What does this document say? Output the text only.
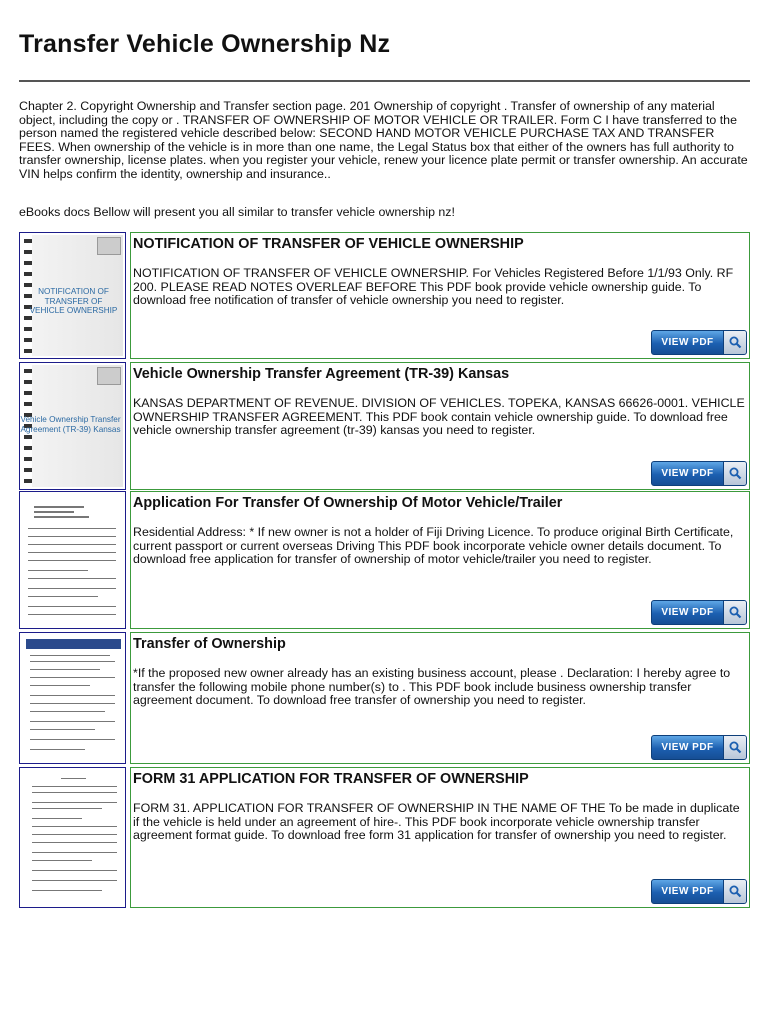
Transfer Vehicle Ownership Nz
Chapter 2. Copyright Ownership and Transfer section page. 201 Ownership of copyright . Transfer of ownership of any material object, including the copy or . TRANSFER OF OWNERSHIP OF MOTOR VEHICLE OR TRAILER. Form C I have transferred to the person named the registered vehicle described below: SECOND HAND MOTOR VEHICLE PURCHASE TAX AND TRANSFER FEES. When ownership of the vehicle is in more than one name, the Legal Status box that either of the owners has full authority to transfer ownership, license plates. when you register your vehicle, renew your licence plate permit or transfer ownership. An accurate VIN helps confirm the identity, ownership and insurance..
eBooks docs Bellow will present you all similar to transfer vehicle ownership nz!
NOTIFICATION OF TRANSFER OF VEHICLE OWNERSHIP
NOTIFICATION OF TRANSFER OF VEHICLE OWNERSHIP
NOTIFICATION OF TRANSFER OF VEHICLE OWNERSHIP. For Vehicles Registered Before 1/1/93 Only. RF 200. PLEASE READ NOTES OVERLEAF BEFORE This PDF book provide vehicle ownership guide. To download free notification of transfer of vehicle ownership you need to register.
VIEW PDF
Vehicle Ownership Transfer Agreement (TR-39) Kansas
Vehicle Ownership Transfer Agreement (TR-39) Kansas
KANSAS DEPARTMENT OF REVENUE. DIVISION OF VEHICLES. TOPEKA, KANSAS 66626-0001. VEHICLE OWNERSHIP TRANSFER AGREEMENT. This PDF book contain vehicle ownership guide. To download free vehicle ownership transfer agreement (tr-39) kansas you need to register.
VIEW PDF
Application For Transfer Of Ownership Of Motor Vehicle/Trailer
Residential Address: * If new owner is not a holder of Fiji Driving Licence. To produce original Birth Certificate, current passport or current overseas Driving This PDF book incorporate vehicle owner details document. To download free application for transfer of ownership of motor vehicle/trailer you need to register.
VIEW PDF
Transfer of Ownership
*If the proposed new owner already has an existing business account, please . Declaration: I hereby agree to transfer the following mobile phone number(s) to . This PDF book include business ownership transfer agreement document. To download free transfer of ownership you need to register.
VIEW PDF
FORM 31 APPLICATION FOR TRANSFER OF OWNERSHIP
FORM 31. APPLICATION FOR TRANSFER OF OWNERSHIP IN THE NAME OF THE To be made in duplicate if the vehicle is held under an agreement of hire-. This PDF book incorporate vehicle ownership transfer agreement format guide. To download free form 31 application for transfer of ownership you need to register.
VIEW PDF
